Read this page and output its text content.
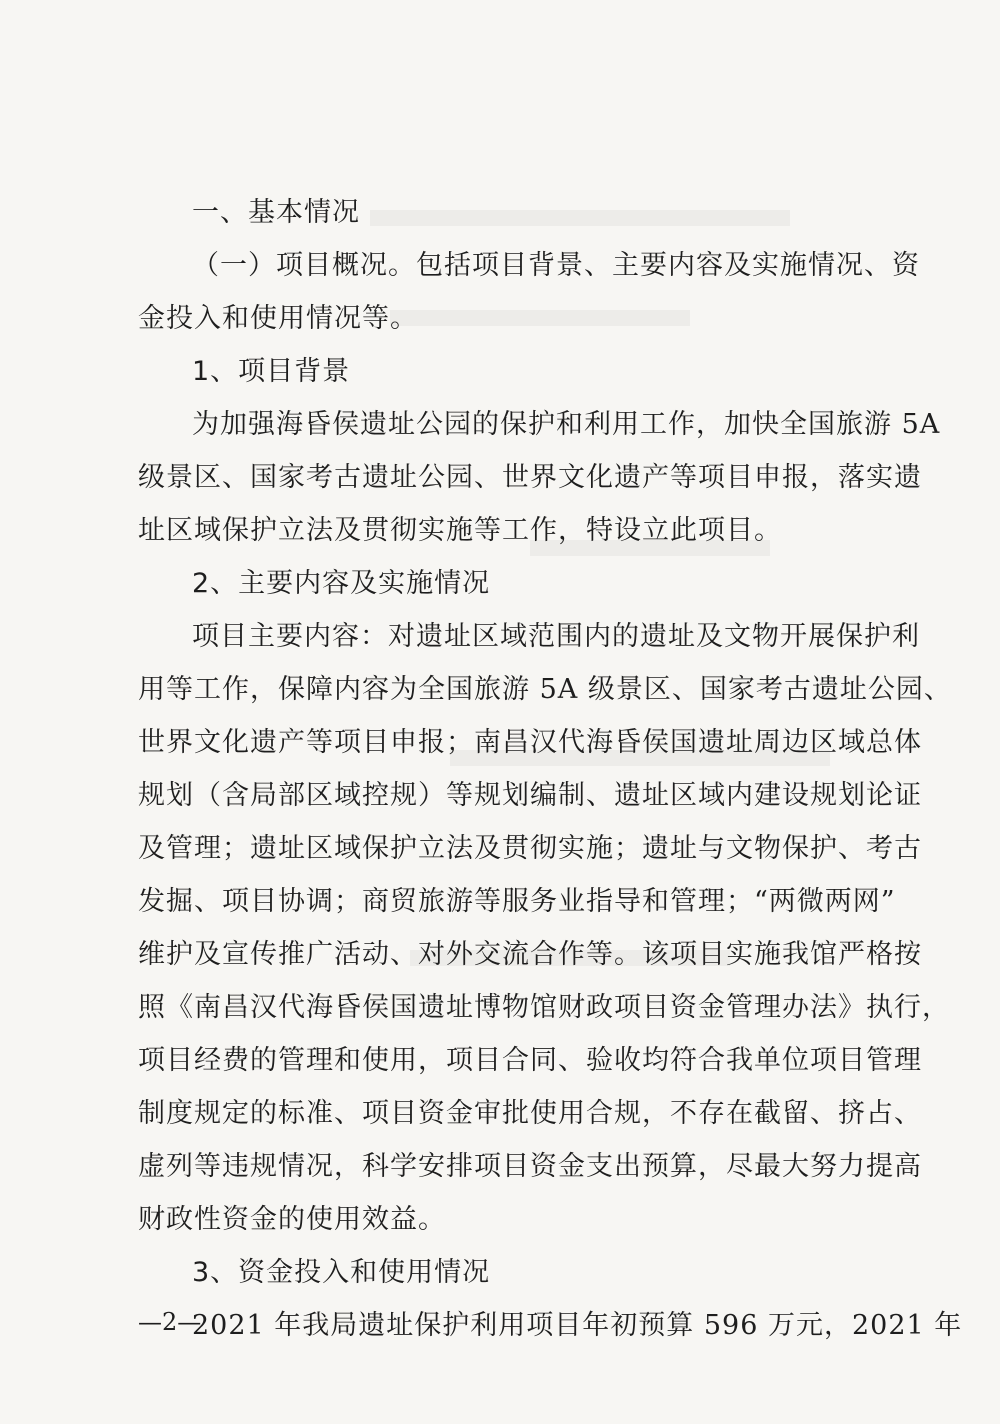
一、基本情况
（一）项目概况。包括项目背景、主要内容及实施情况、资
金投入和使用情况等。
1、项目背景
为加强海昏侯遗址公园的保护和利用工作，加快全国旅游 5A
级景区、国家考古遗址公园、世界文化遗产等项目申报，落实遗
址区域保护立法及贯彻实施等工作，特设立此项目。
2、主要内容及实施情况
项目主要内容：对遗址区域范围内的遗址及文物开展保护利
用等工作，保障内容为全国旅游 5A 级景区、国家考古遗址公园、
世界文化遗产等项目申报；南昌汉代海昏侯国遗址周边区域总体
规划（含局部区域控规）等规划编制、遗址区域内建设规划论证
及管理；遗址区域保护立法及贯彻实施；遗址与文物保护、考古
发掘、项目协调；商贸旅游等服务业指导和管理；“两微两网”
维护及宣传推广活动、对外交流合作等。该项目实施我馆严格按
照《南昌汉代海昏侯国遗址博物馆财政项目资金管理办法》执行，
项目经费的管理和使用，项目合同、验收均符合我单位项目管理
制度规定的标准、项目资金审批使用合规，不存在截留、挤占、
虚列等违规情况，科学安排项目资金支出预算，尽最大努力提高
财政性资金的使用效益。
3、资金投入和使用情况
2021 年我局遗址保护利用项目年初预算 596 万元，2021 年
—2—
